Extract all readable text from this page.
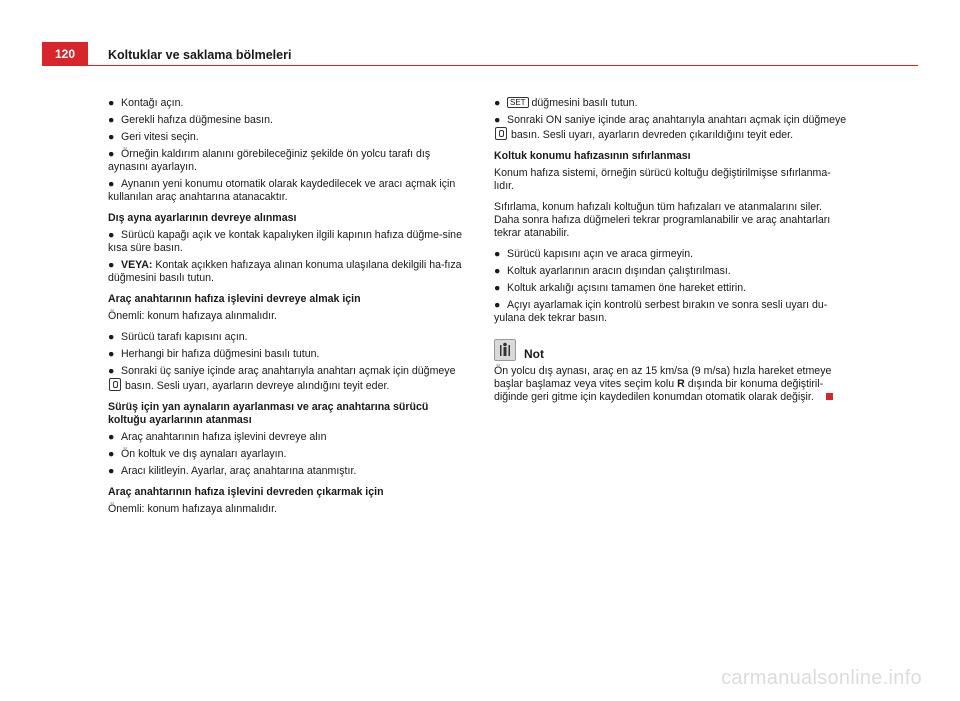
120	Koltuklar ve saklama bölmeleri
● Kontağı açın.
● Gerekli hafıza düğmesine basın.
● Geri vitesi seçin.
● Örneğin kaldırım alanını görebileceğiniz şekilde ön yolcu tarafı dış aynasını ayarlayın.
● Aynanın yeni konumu otomatik olarak kaydedilecek ve aracı açmak için kullanılan araç anahtarına atanacaktır.
Dış ayna ayarlarının devreye alınması
● Sürücü kapağı açık ve kontak kapalıyken ilgili kapının hafıza düğme-sine kısa süre basın.
● VEYA: Kontak açıkken hafızaya alınan konuma ulaşılana dekilgili ha-fıza düğmesini basılı tutun.
Araç anahtarının hafıza işlevini devreye almak için
Önemli: konum hafızaya alınmalıdır.
● Sürücü tarafı kapısını açın.
● Herhangi bir hafıza düğmesini basılı tutun.
● Sonraki üç saniye içinde araç anahtarıyla anahtarı açmak için düğmeye  basın. Sesli uyarı, ayarların devreye alındığını teyit eder.
Sürüş için yan aynaların ayarlanması ve araç anahtarına sürücü koltuğu ayarlarının atanması
● Araç anahtarının hafıza işlevini devreye alın
● Ön koltuk ve dış aynaları ayarlayın.
● Aracı kilitleyin. Ayarlar, araç anahtarına atanmıştır.
Araç anahtarının hafıza işlevini devreden çıkarmak için
Önemli: konum hafızaya alınmalıdır.
● SET düğmesini basılı tutun.
● Sonraki ON saniye içinde araç anahtarıyla anahtarı açmak için düğmeye  basın. Sesli uyarı, ayarların devreden çıkarıldığını teyit eder.
Koltuk konumu hafızasının sıfırlanması
Konum hafıza sistemi, örneğin sürücü koltuğu değiştirilmişse sıfırlanma-lıdır.
Sıfırlama, konum hafızalı koltuğun tüm hafızaları ve atanmalarını siler. Daha sonra hafıza düğmeleri tekrar programlanabilir ve araç anahtarları tekrar atanabilir.
● Sürücü kapısını açın ve araca girmeyin.
● Koltuk ayarlarının aracın dışından çalıştırılması.
● Koltuk arkalığı açısını tamamen öne hareket ettirin.
● Açıyı ayarlamak için kontrolü serbest bırakın ve sonra sesli uyarı du-yulana dek tekrar basın.
Not
Ön yolcu dış aynası, araç en az 15 km/sa (9 m/sa) hızla hareket etmeye başlar başlamaz veya vites seçim kolu R dışında bir konuma değiştiril-diğinde geri gitme için kaydedilen konumdan otomatik olarak değişir.
carmanualsonline.info
